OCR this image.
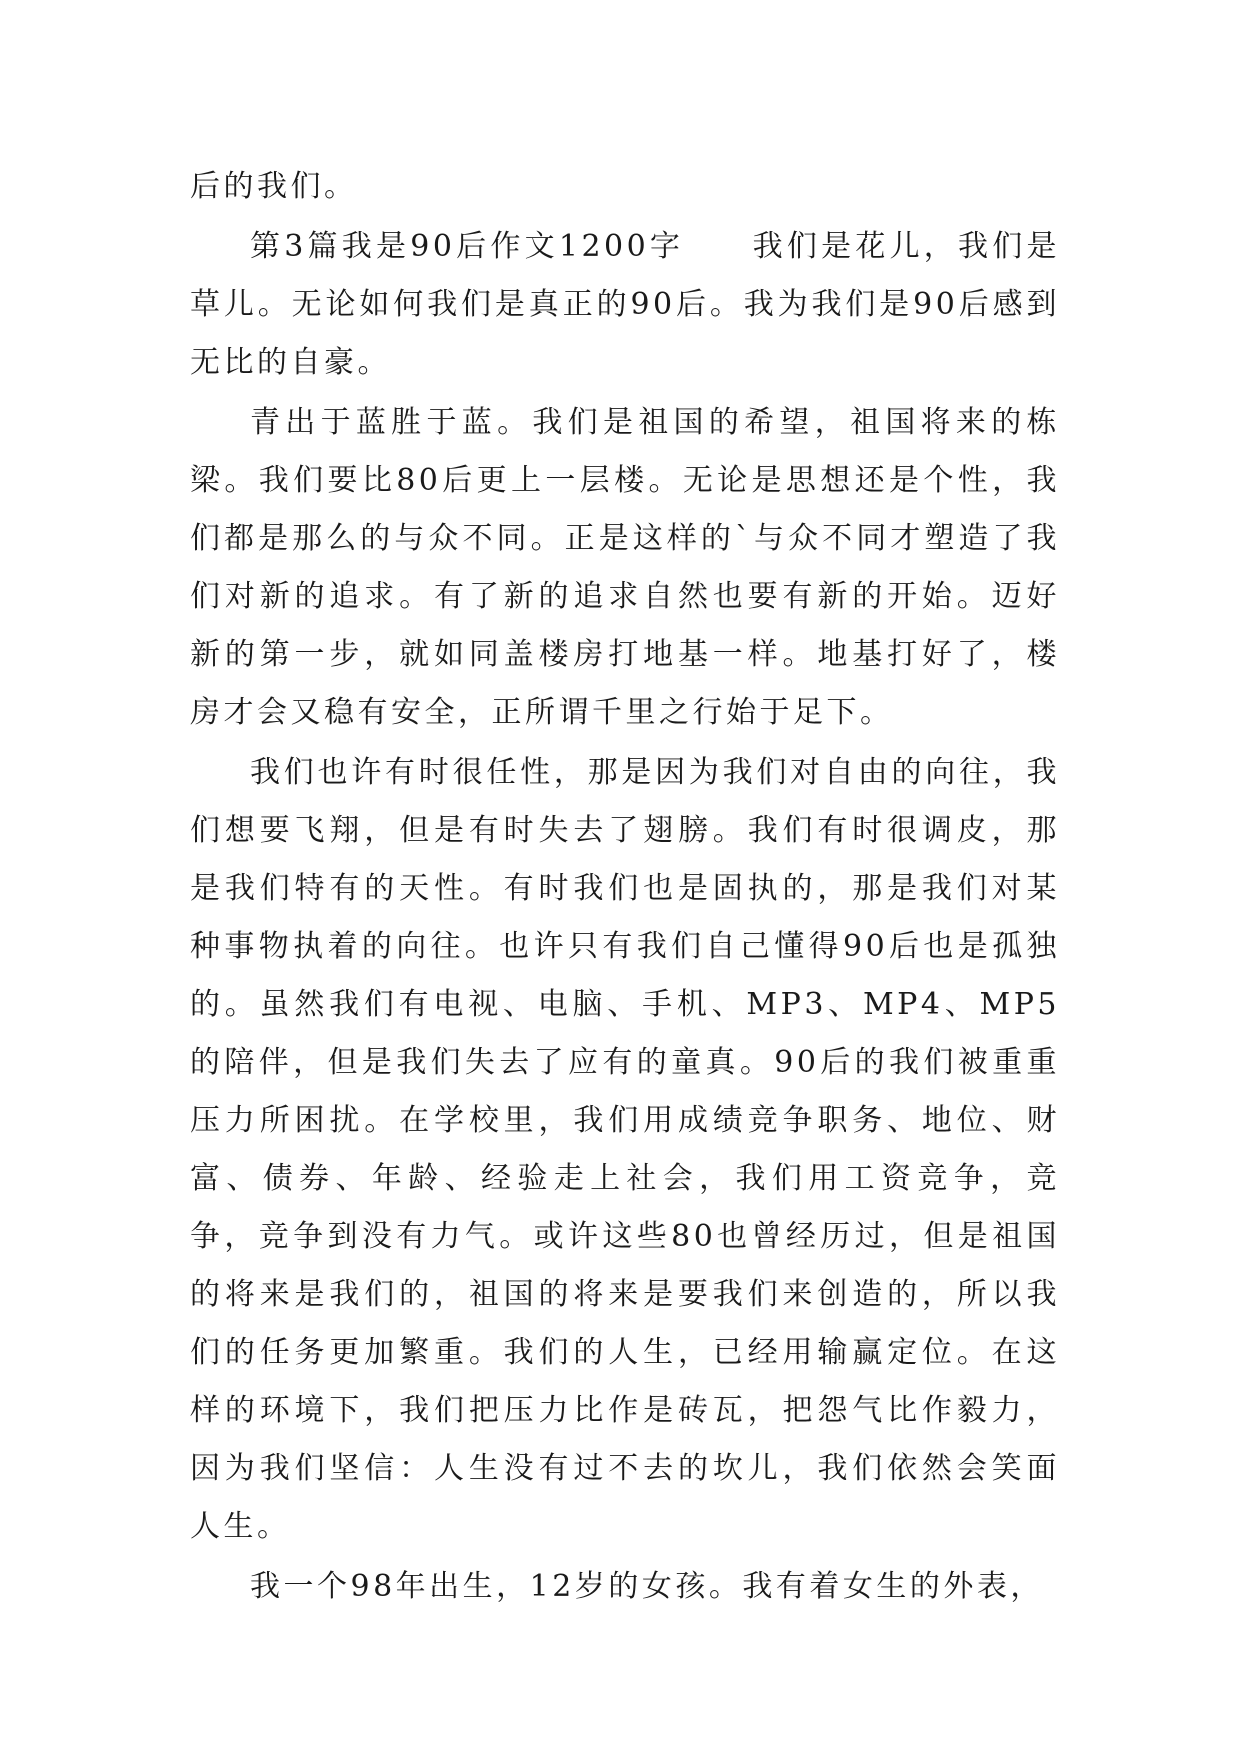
后的我们。

第3篇我是90后作文1200字　　我们是花儿，我们是草儿。无论如何我们是真正的90后。我为我们是90后感到无比的自豪。

青出于蓝胜于蓝。我们是祖国的希望，祖国将来的栋梁。我们要比80后更上一层楼。无论是思想还是个性，我们都是那么的与众不同。正是这样的`与众不同才塑造了我们对新的追求。有了新的追求自然也要有新的开始。迈好新的第一步，就如同盖楼房打地基一样。地基打好了，楼房才会又稳有安全，正所谓千里之行始于足下。

我们也许有时很任性，那是因为我们对自由的向往，我们想要飞翔，但是有时失去了翅膀。我们有时很调皮，那是我们特有的天性。有时我们也是固执的，那是我们对某种事物执着的向往。也许只有我们自己懂得90后也是孤独的。虽然我们有电视、电脑、手机、MP3、MP4、MP5的陪伴，但是我们失去了应有的童真。90后的我们被重重压力所困扰。在学校里，我们用成绩竞争职务、地位、财富、债券、年龄、经验走上社会，我们用工资竞争，竞争，竞争到没有力气。或许这些80也曾经历过，但是祖国的将来是我们的，祖国的将来是要我们来创造的，所以我们的任务更加繁重。我们的人生，已经用输赢定位。在这样的环境下，我们把压力比作是砖瓦，把怨气比作毅力，因为我们坚信：人生没有过不去的坎儿，我们依然会笑面人生。

我一个98年出生，12岁的女孩。我有着女生的外表，
